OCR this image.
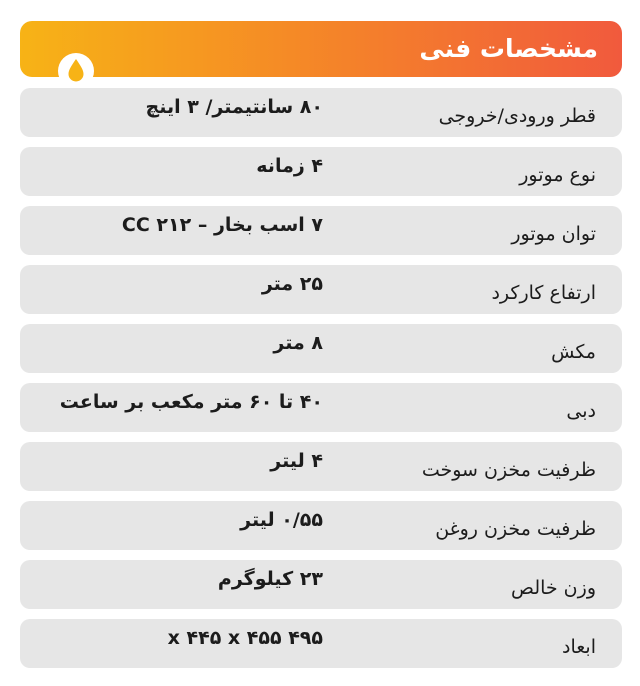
مشخصات فنی
قطر ورودی/خروجی
۸۰ سانتیمتر/ ۳ اینچ
نوع موتور
۴ زمانه
توان موتور
۷ اسب بخار – ۲۱۲ CC
ارتفاع کارکرد
۲۵ متر
مکش
۸ متر
دبی
۴۰ تا ۶۰ متر مکعب بر ساعت
ظرفیت مخزن سوخت
۴ لیتر
ظرفیت مخزن روغن
۰/۵۵ لیتر
وزن خالص
۲۳ کیلوگرم
ابعاد
۴۹۵ x ۴۴۵ x ۴۵۵
